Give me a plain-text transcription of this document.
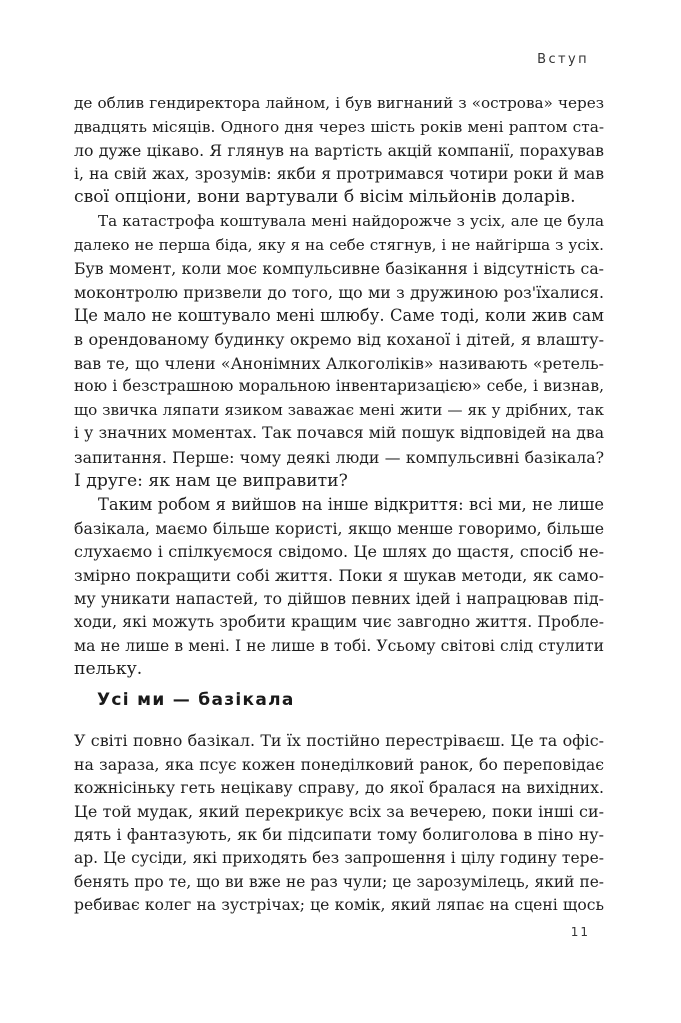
Вступ
де облив гендиректора лайном, і був вигнаний з «острова» через
двадцять місяців. Одного дня через шість років мені раптом ста-
ло дуже цікаво. Я глянув на вартість акцій компанії, порахував
і, на свій жах, зрозумів: якби я протримався чотири роки й мав
свої опціони, вони вартували б вісім мільйонів доларів.
Та катастрофа коштувала мені найдорожче з усіх, але це була
далеко не перша біда, яку я на себе стягнув, і не найгірша з усіх.
Був момент, коли моє компульсивне базікання і відсутність са-
моконтролю призвели до того, що ми з дружиною роз'їхалися.
Це мало не коштувало мені шлюбу. Саме тоді, коли жив сам
в орендованому будинку окремо від коханої і дітей, я влашту-
вав те, що члени «Анонімних Алкоголіків» називають «ретель-
ною і безстрашною моральною інвентаризацією» себе, і визнав,
що звичка ляпати язиком заважає мені жити — як у дрібних, так
і у значних моментах. Так почався мій пошук відповідей на два
запитання. Перше: чому деякі люди — компульсивні базікала?
І друге: як нам це виправити?
Таким робом я вийшов на інше відкриття: всі ми, не лише
базікала, маємо більше користі, якщо менше говоримо, більше
слухаємо і спілкуємося свідомо. Це шлях до щастя, спосіб не-
змірно покращити собі життя. Поки я шукав методи, як само-
му уникати напастей, то дійшов певних ідей і напрацював під-
ходи, які можуть зробити кращим чиє завгодно життя. Пробле-
ма не лише в мені. І не лише в тобі. Усьому світові слід стулити
пельку.
Усі ми — базікала
У світі повно базікал. Ти їх постійно перестріваєш. Це та офіс-
на зараза, яка псує кожен понеділковий ранок, бо переповідає
кожнісіньку геть нецікаву справу, до якої бралася на вихідних.
Це той мудак, який перекрикує всіх за вечерею, поки інші си-
дять і фантазують, як би підсипати тому болиголова в піно ну-
ар. Це сусіди, які приходять без запрошення і цілу годину тере-
бенять про те, що ви вже не раз чули; це зарозумілець, який пе-
ребиває колег на зустрічах; це комік, який ляпає на сцені щось
11
